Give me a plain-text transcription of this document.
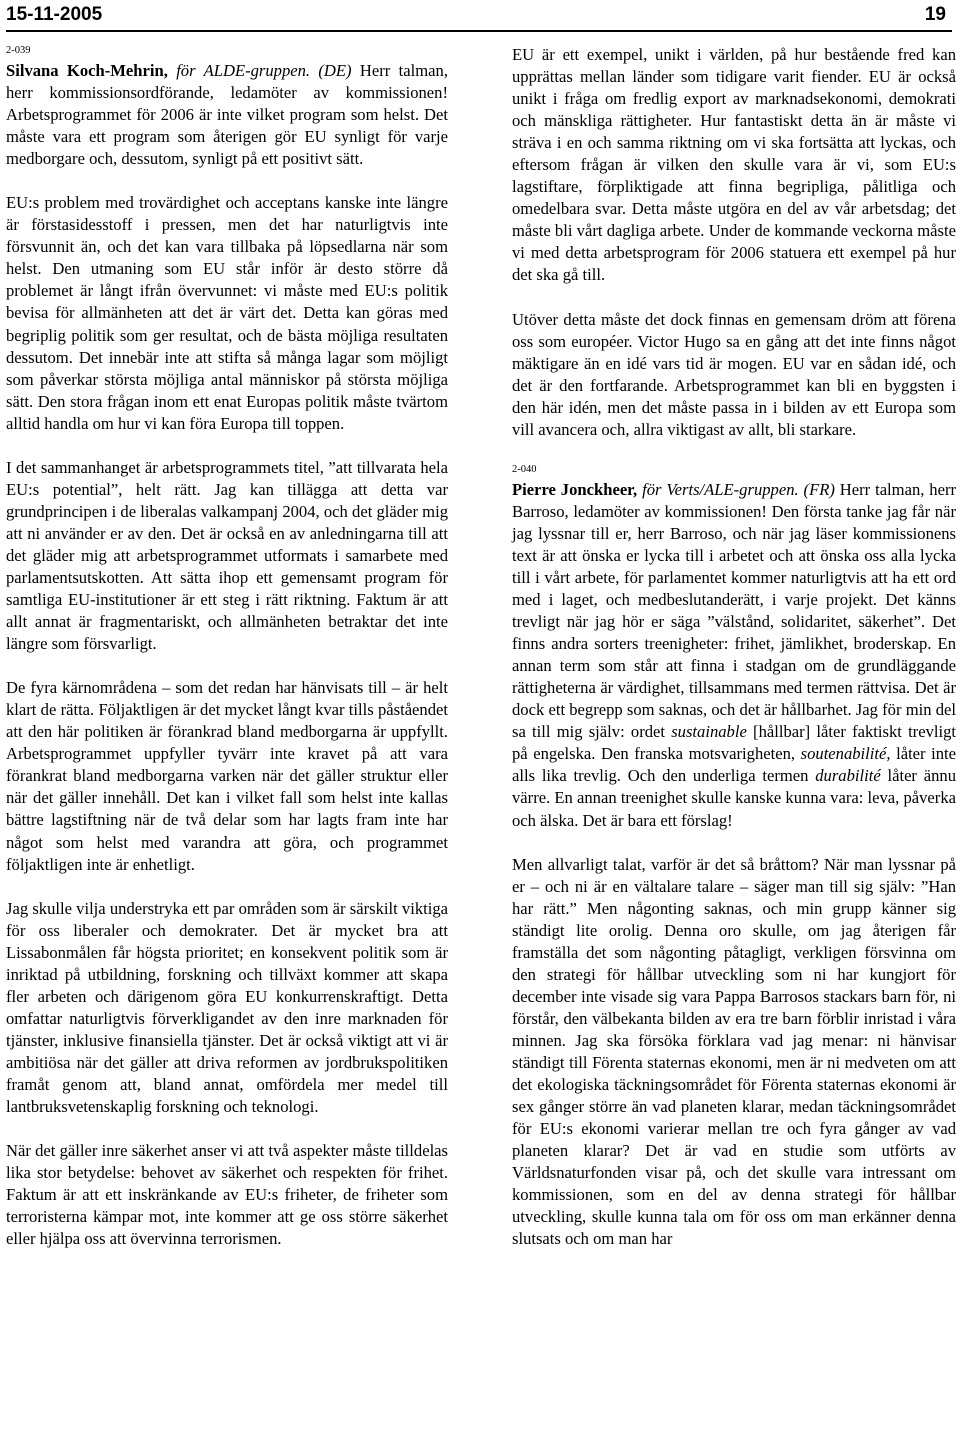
15-11-2005	19

2-039
Silvana Koch-Mehrin, för ALDE-gruppen. (DE) Herr talman, herr kommissionsordförande, ledamöter av kommissionen! Arbetsprogrammet för 2006 är inte vilket program som helst. Det måste vara ett program som återigen gör EU synligt för varje medborgare och, dessutom, synligt på ett positivt sätt.

EU:s problem med trovärdighet och acceptans kanske inte längre är förstasidesstoff i pressen, men det har naturligtvis inte försvunnit än, och det kan vara tillbaka på löpsedlarna när som helst. Den utmaning som EU står inför är desto större då problemet är långt ifrån övervunnet: vi måste med EU:s politik bevisa för allmänheten att det är värt det. Detta kan göras med begriplig politik som ger resultat, och de bästa möjliga resultaten dessutom. Det innebär inte att stifta så många lagar som möjligt som påverkar största möjliga antal människor på största möjliga sätt. Den stora frågan inom ett enat Europas politik måste tvärtom alltid handla om hur vi kan föra Europa till toppen.

I det sammanhanget är arbetsprogrammets titel, ”att tillvarata hela EU:s potential”, helt rätt. Jag kan tillägga att detta var grundprincipen i de liberalas valkampanj 2004, och det gläder mig att ni använder er av den. Det är också en av anledningarna till att det gläder mig att arbetsprogrammet utformats i samarbete med parlamentsutskotten. Att sätta ihop ett gemensamt program för samtliga EU-institutioner är ett steg i rätt riktning. Faktum är att allt annat är fragmentariskt, och allmänheten betraktar det inte längre som försvarligt.

De fyra kärnområdena – som det redan har hänvisats till – är helt klart de rätta. Följaktligen är det mycket långt kvar tills påståendet att den här politiken är förankrad bland medborgarna är uppfyllt. Arbetsprogrammet uppfyller tyvärr inte kravet på att vara förankrat bland medborgarna varken när det gäller struktur eller när det gäller innehåll. Det kan i vilket fall som helst inte kallas bättre lagstiftning när de två delar som har lagts fram inte har något som helst med varandra att göra, och programmet följaktligen inte är enhetligt.

Jag skulle vilja understryka ett par områden som är särskilt viktiga för oss liberaler och demokrater. Det är mycket bra att Lissabonmålen får högsta prioritet; en konsekvent politik som är inriktad på utbildning, forskning och tillväxt kommer att skapa fler arbeten och därigenom göra EU konkurrenskraftigt. Detta omfattar naturligtvis förverkligandet av den inre marknaden för tjänster, inklusive finansiella tjänster. Det är också viktigt att vi är ambitiösa när det gäller att driva reformen av jordbrukspolitiken framåt genom att, bland annat, omfördela mer medel till lantbruksvetenskaplig forskning och teknologi.

När det gäller inre säkerhet anser vi att två aspekter måste tilldelas lika stor betydelse: behovet av säkerhet och respekten för frihet. Faktum är att ett inskränkande av EU:s friheter, de friheter som terroristerna kämpar mot, inte kommer att ge oss större säkerhet eller hjälpa oss att övervinna terrorismen.

EU är ett exempel, unikt i världen, på hur bestående fred kan upprättas mellan länder som tidigare varit fiender. EU är också unikt i fråga om fredlig export av marknadsekonomi, demokrati och mänskliga rättigheter. Hur fantastiskt detta än är måste vi sträva i en och samma riktning om vi ska fortsätta att lyckas, och eftersom frågan är vilken den skulle vara är vi, som EU:s lagstiftare, förpliktigade att finna begripliga, pålitliga och omedelbara svar. Detta måste utgöra en del av vår arbetsdag; det måste bli vårt dagliga arbete. Under de kommande veckorna måste vi med detta arbetsprogram för 2006 statuera ett exempel på hur det ska gå till.

Utöver detta måste det dock finnas en gemensam dröm att förena oss som européer. Victor Hugo sa en gång att det inte finns något mäktigare än en idé vars tid är mogen. EU var en sådan idé, och det är den fortfarande. Arbetsprogrammet kan bli en byggsten i den här idén, men det måste passa in i bilden av ett Europa som vill avancera och, allra viktigast av allt, bli starkare.

2-040
Pierre Jonckheer, för Verts/ALE-gruppen. (FR) Herr talman, herr Barroso, ledamöter av kommissionen! Den första tanke jag får när jag lyssnar till er, herr Barroso, och när jag läser kommissionens text är att önska er lycka till i arbetet och att önska oss alla lycka till i vårt arbete, för parlamentet kommer naturligtvis att ha ett ord med i laget, och medbeslutanderätt, i varje projekt. Det känns trevligt när jag hör er säga ”välstånd, solidaritet, säkerhet”. Det finns andra sorters treenigheter: frihet, jämlikhet, broderskap. En annan term som står att finna i stadgan om de grundläggande rättigheterna är värdighet, tillsammans med termen rättvisa. Det är dock ett begrepp som saknas, och det är hållbarhet. Jag för min del sa till mig själv: ordet sustainable [hållbar] låter faktiskt trevligt på engelska. Den franska motsvarigheten, soutenabilité, låter inte alls lika trevlig. Och den underliga termen durabilité låter ännu värre. En annan treenighet skulle kanske kunna vara: leva, påverka och älska. Det är bara ett förslag!

Men allvarligt talat, varför är det så bråttom? När man lyssnar på er – och ni är en vältalare talare – säger man till sig själv: ”Han har rätt.” Men någonting saknas, och min grupp känner sig ständigt lite orolig. Denna oro skulle, om jag återigen får framställa det som någonting påtagligt, verkligen försvinna om den strategi för hållbar utveckling som ni har kungjort för december inte visade sig vara Pappa Barrosos stackars barn för, ni förstår, den välbekanta bilden av era tre barn förblir inristad i våra minnen. Jag ska försöka förklara vad jag menar: ni hänvisar ständigt till Förenta staternas ekonomi, men är ni medveten om att det ekologiska täckningsområdet för Förenta staternas ekonomi är sex gånger större än vad planeten klarar, medan täckningsområdet för EU:s ekonomi varierar mellan tre och fyra gånger av vad planeten klarar? Det är vad en studie som utförts av Världsnaturfonden visar på, och det skulle vara intressant om kommissionen, som en del av denna strategi för hållbar utveckling, skulle kunna tala om för oss om man erkänner denna slutsats och om man har
